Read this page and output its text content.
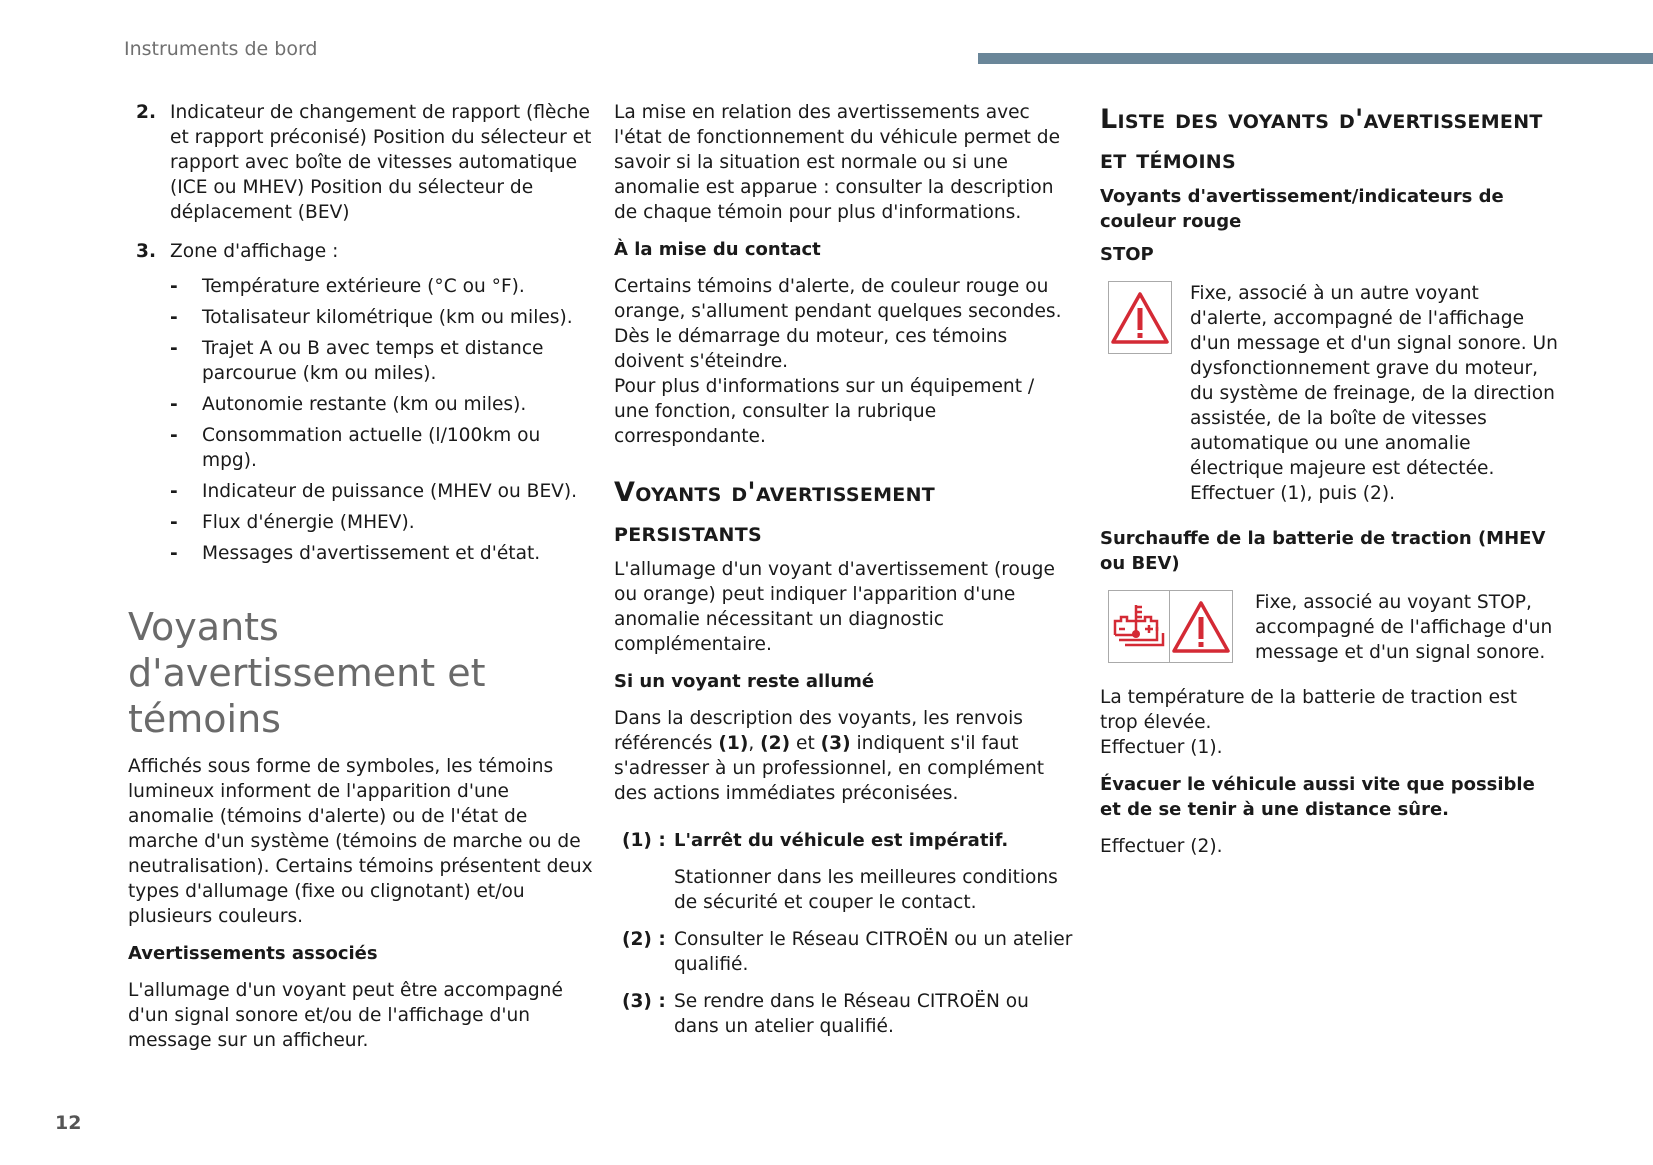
Instruments de bord
2. Indicateur de changement de rapport (flèche et rapport préconisé) Position du sélecteur et rapport avec boîte de vitesses automatique (ICE ou MHEV) Position du sélecteur de déplacement (BEV)
3. Zone d'affichage :
-	Température extérieure (°C ou °F).
-	Totalisateur kilométrique (km ou miles).
-	Trajet A ou B avec temps et distance parcourue (km ou miles).
-	Autonomie restante (km ou miles).
-	Consommation actuelle (l/100km ou mpg).
-	Indicateur de puissance (MHEV ou BEV).
-	Flux d'énergie (MHEV).
-	Messages d'avertissement et d'état.
Voyants d'avertissement et témoins

Affichés sous forme de symboles, les témoins lumineux informent de l'apparition d'une anomalie (témoins d'alerte) ou de l'état de marche d'un système (témoins de marche ou de neutralisation). Certains témoins présentent deux types d'allumage (fixe ou clignotant) et/ou plusieurs couleurs.

Avertissements associés

L'allumage d'un voyant peut être accompagné d'un signal sonore et/ou de l'affichage d'un message sur un afficheur.

La mise en relation des avertissements avec l'état de fonctionnement du véhicule permet de savoir si la situation est normale ou si une anomalie est apparue : consulter la description de chaque témoin pour plus d'informations.

À la mise du contact

Certains témoins d'alerte, de couleur rouge ou orange, s'allument pendant quelques secondes. Dès le démarrage du moteur, ces témoins doivent s'éteindre.

Pour plus d'informations sur un équipement / une fonction, consulter la rubrique correspondante.

Voyants d'avertissement persistants

L'allumage d'un voyant d'avertissement (rouge ou orange) peut indiquer l'apparition d'une anomalie nécessitant un diagnostic complémentaire.

Si un voyant reste allumé

Dans la description des voyants, les renvois référencés (1), (2) et (3) indiquent s'il faut s'adresser à un professionnel, en complément des actions immédiates préconisées.

(1) : L'arrêt du véhicule est impératif.

Stationner dans les meilleures conditions de sécurité et couper le contact.

(2) : Consulter le Réseau CITROËN ou un atelier qualifié.
(3) : Se rendre dans le Réseau CITROËN ou dans un atelier qualifié.
Liste des voyants d'avertissement et témoins

Voyants d'avertissement/indicateurs de couleur rouge

STOP

Fixe, associé à un autre voyant d'alerte, accompagné de l'affichage d'un message et d'un signal sonore. Un dysfonctionnement grave du moteur, du système de freinage, de la direction assistée, de la boîte de vitesses automatique ou une anomalie électrique majeure est détectée.
Effectuer (1), puis (2).

Surchauffe de la batterie de traction (MHEV ou BEV)

Fixe, associé au voyant STOP, accompagné de l'affichage d'un message et d'un signal sonore.

La température de la batterie de traction est trop élevée.

Effectuer (1).

Évacuer le véhicule aussi vite que possible et de se tenir à une distance sûre.

Effectuer (2).

12
